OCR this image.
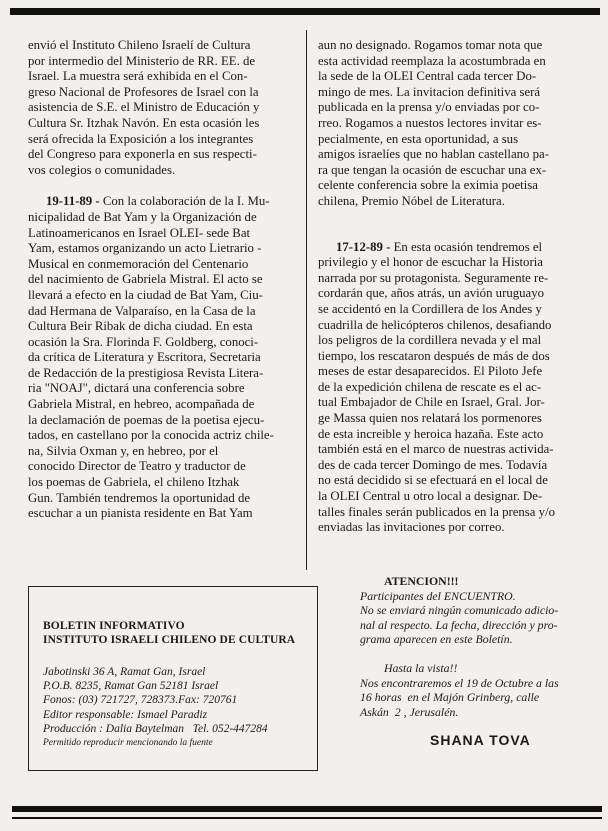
envió el Instituto Chileno Israelí de Cultura

por intermedio del Ministerio de RR. EE. de

Israel. La muestra será exhibida en el Con-

greso Nacional de Profesores de Israel con la

asistencia de S.E. el Ministro de Educación y

Cultura Sr. Itzhak Navón. En esta ocasión les

será ofrecida la Exposición a los integrantes

del Congreso para exponerla en sus respecti-

vos colegios o comunidades.

19-11-89 - Con la colaboración de la I. Mu-

nicipalidad de Bat Yam y la Organización de

Latinoamericanos en Israel OLEI- sede Bat

Yam, estamos organizando un acto Lietrario -

Musical en conmemoración del Centenario

del nacimiento de Gabriela Mistral. El acto se

llevará a efecto en la ciudad de Bat Yam, Ciu-

dad Hermana de Valparaíso, en la Casa de la

Cultura Beir Ribak de dicha ciudad. En esta

ocasión la Sra. Florinda F. Goldberg, conoci-

da crítica de Literatura y Escritora, Secretaria

de Redacción de la prestigiosa Revista Litera-

ria "NOAJ", dictará una conferencia sobre

Gabriela Mistral, en hebreo, acompañada de

la declamación de poemas de la poetisa ejecu-

tados, en castellano por la conocida actriz chile-

na, Silvia Oxman y, en hebreo, por el

conocido Director de Teatro y traductor de

los poemas de Gabriela, el chileno Itzhak

Gun. También tendremos la oportunidad de

escuchar a un pianista residente en Bat Yam

aun no designado. Rogamos tomar nota que

esta actividad reemplaza la acostumbrada en

la sede de la OLEI Central cada tercer Do-

mingo de mes. La invitacion definitiva será

publicada en la prensa y/o enviadas por co-

rreo. Rogamos a nuestos lectores invitar es-

pecialmente, en esta oportunidad, a sus

amigos israelíes que no hablan castellano pa-

ra que tengan la ocasión de escuchar una ex-

celente conferencia sobre la eximia poetisa

chilena, Premio Nóbel de Literatura.

17-12-89 - En esta ocasión tendremos el

privilegio y el honor de escuchar la Historia

narrada por su protagonista. Seguramente re-

cordarán que, años atrás, un avión uruguayo

se accidentó en la Cordillera de los Andes y

cuadrilla de helicópteros chilenos, desafiando

los peligros de la cordillera nevada y el mal

tiempo, los rescataron después de más de dos

meses de estar desaparecidos. El Piloto Jefe

de la expedición chilena de rescate es el ac-

tual Embajador de Chile en Israel, Gral. Jor-

ge Massa quien nos relatará los pormenores

de esta increible y heroica hazaña. Este acto

también está en el marco de nuestras activida-

des de cada tercer Domingo de mes. Todavía

no está decidido si se efectuará en el local de

la OLEI Central u otro local a designar. De-

talles finales serán publicados en la prensa y/o

enviadas las invitaciones por correo.

BOLETIN INFORMATIVO
INSTITUTO ISRAELI CHILENO DE CULTURA
Jabotinski 36 A, Ramat Gan, Israel
P.O.B. 8235, Ramat Gan 52181 Israel
Fonos: (03) 721727, 728373.Fax: 720761
Editor responsable: Ismael Paradiz
Producción : Dalia Baytelman   Tel. 052-447284
Permitido reproducir mencionando la fuente
ATENCION!!!
Participantes del ENCUENTRO.
No se enviará ningún comunicado adicio-
nal al respecto. La fecha, dirección y pro-
grama aparecen en este Boletín.
Hasta la vista!!
Nos encontraremos el 19 de Octubre a las
16 horas  en el Majón Grinberg, calle
Askán  2 , Jerusalén.
SHANA TOVA
